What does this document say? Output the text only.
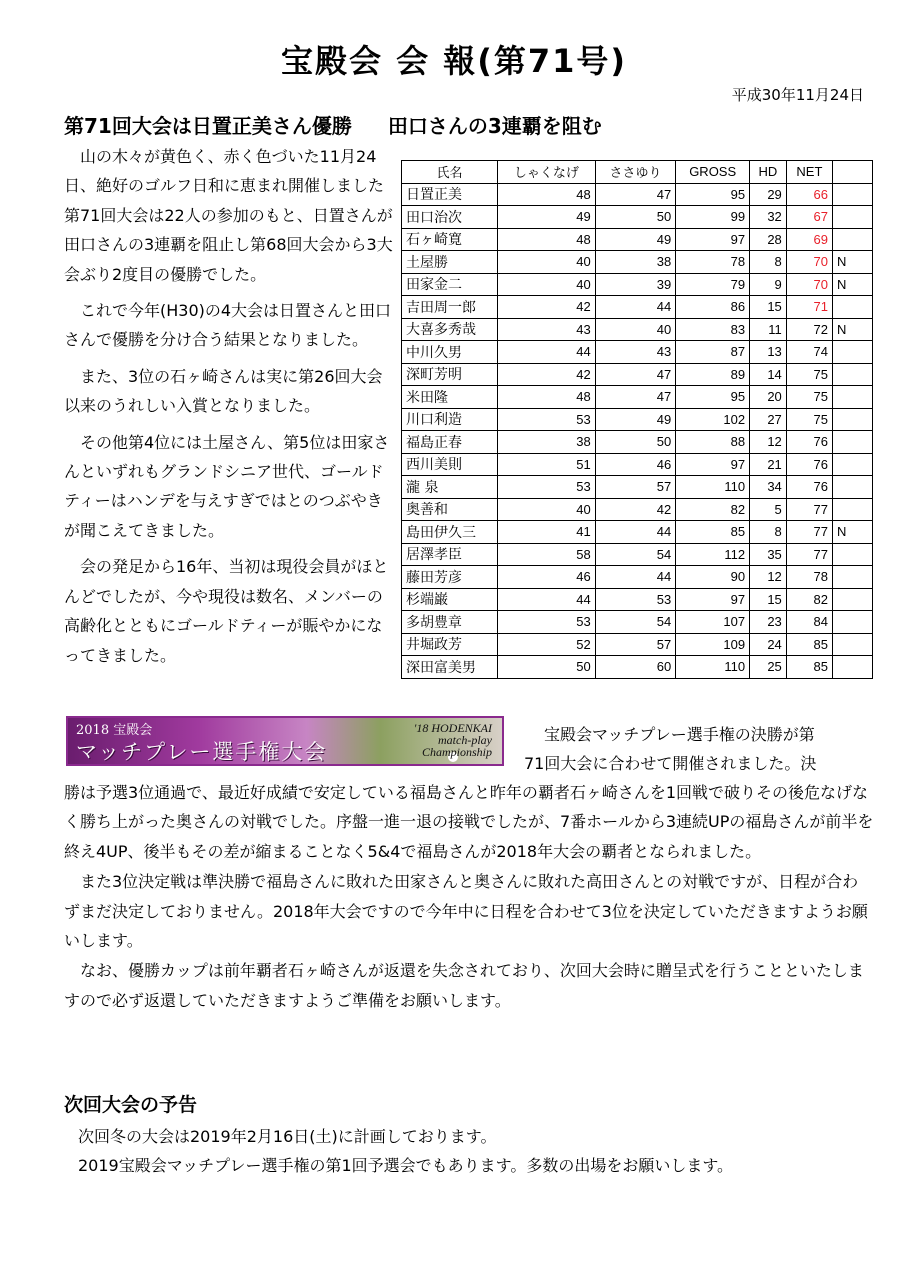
宝殿会 会 報(第71号)
平成30年11月24日
第71回大会は日置正美さん優勝 田口さんの3連覇を阻む

山の木々が黄色く、赤く色づいた11月24日、絶好のゴルフ日和に恵まれ開催しました第71回大会は22人の参加のもと、日置さんが田口さんの3連覇を阻止し第68回大会から3大会ぶり2度目の優勝でした。

これで今年(H30)の4大会は日置さんと田口さんで優勝を分け合う結果となりました。

また、3位の石ヶ崎さんは実に第26回大会以来のうれしい入賞となりました。

その他第4位には土屋さん、第5位は田家さんといずれもグランドシニア世代、ゴールドティーはハンデを与えすぎではとのつぶやきが聞こえてきました。

会の発足から16年、当初は現役会員がほとんどでしたが、今や現役は数名、メンバーの高齢化とともにゴールドティーが賑やかになってきました。

氏名	しゃくなげ	ささゆり	GROSS	HD	NET	
日置正美	48	47	95	29	66	
田口治次	49	50	99	32	67	
石ヶ崎寛	48	49	97	28	69	
土屋勝	40	38	78	8	70	N
田家金二	40	39	79	9	70	N
吉田周一郎	42	44	86	15	71	
大喜多秀哉	43	40	83	11	72	N
中川久男	44	43	87	13	74	
深町芳明	42	47	89	14	75	
米田隆	48	47	95	20	75	
川口利造	53	49	102	27	75	
福島正春	38	50	88	12	76	
西川美則	51	46	97	21	76	
瀧 泉	53	57	110	34	76	
奥善和	40	42	82	5	77	
島田伊久三	41	44	85	8	77	N
居澤孝臣	58	54	112	35	77	
藤田芳彦	46	44	90	12	78	
杉端巌	44	53	97	15	82	
多胡豊章	53	54	107	23	84	
井堀政芳	52	57	109	24	85	
深田富美男	50	60	110	25	85	
2018 宝殿会
マッチプレー選手権大会
'18 HODENKAI
match-play
Championship
宝殿会マッチプレー選手権の決勝が第
71回大会に合わせて開催されました。決

勝は予選3位通過で、最近好成績で安定している福島さんと昨年の覇者石ヶ崎さんを1回戦で破りその後危なげなく勝ち上がった奥さんの対戦でした。序盤一進一退の接戦でしたが、7番ホールから3連続UPの福島さんが前半を終え4UP、後半もその差が縮まることなく5&4で福島さんが2018年大会の覇者となられました。

また3位決定戦は準決勝で福島さんに敗れた田家さんと奥さんに敗れた高田さんとの対戦ですが、日程が合わずまだ決定しておりません。2018年大会ですので今年中に日程を合わせて3位を決定していただきますようお願いします。

なお、優勝カップは前年覇者石ヶ崎さんが返還を失念されており、次回大会時に贈呈式を行うことといたしますので必ず返還していただきますようご準備をお願いします。

次回大会の予告
次回冬の大会は2019年2月16日(土)に計画しております。
2019宝殿会マッチプレー選手権の第1回予選会でもあります。多数の出場をお願いします。
